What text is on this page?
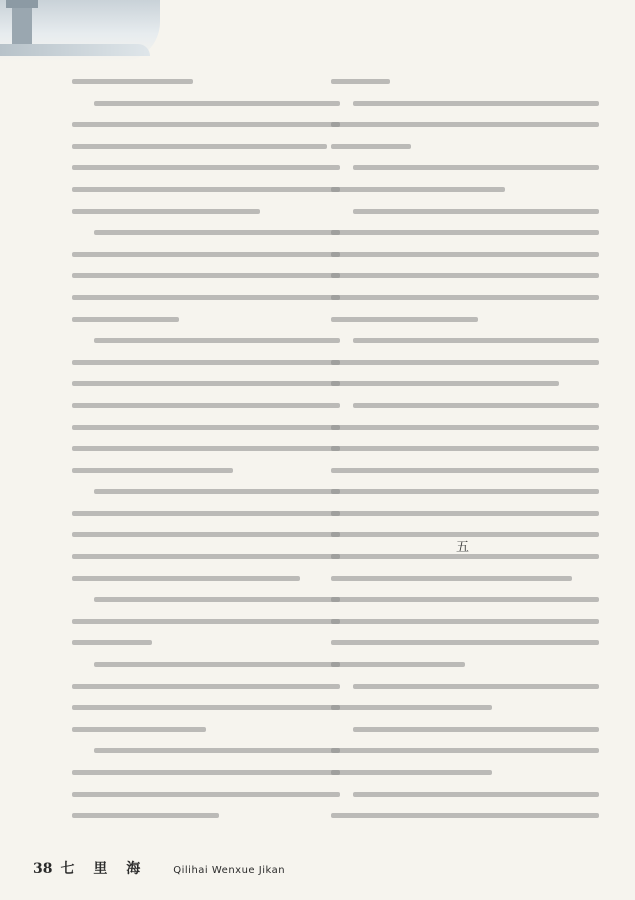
五
38 七 里 海	Qilihai Wenxue Jikan
